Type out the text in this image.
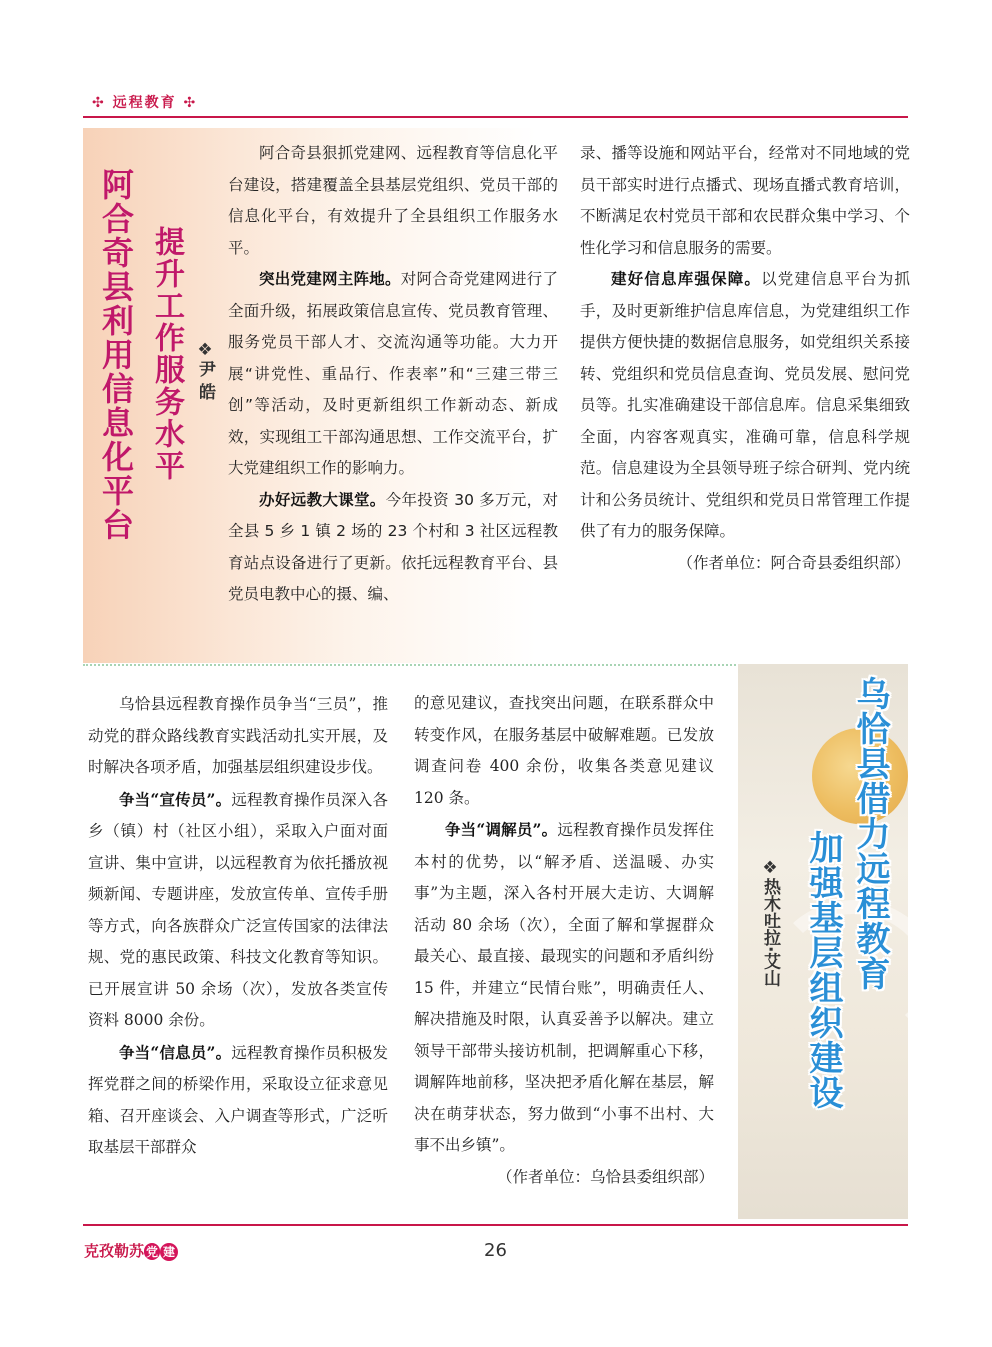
✣ 远程教育 ✣
阿合奇县利用信息化平台 提升工作服务水平 ❖尹 皓

阿合奇县狠抓党建网、远程教育等信息化平台建设，搭建覆盖全县基层党组织、党员干部的信息化平台，有效提升了全县组织工作服务水平。

突出党建网主阵地。对阿合奇党建网进行了全面升级，拓展政策信息宣传、党员教育管理、服务党员干部人才、交流沟通等功能。大力开展“讲党性、重品行、作表率”和“三建三带三创”等活动，及时更新组织工作新动态、新成效，实现组工干部沟通思想、工作交流平台，扩大党建组织工作的影响力。

办好远教大课堂。今年投资 30 多万元，对全县 5 乡 1 镇 2 场的 23 个村和 3 社区远程教育站点设备进行了更新。依托远程教育平台、县党员电教中心的摄、编、

录、播等设施和网站平台，经常对不同地域的党员干部实时进行点播式、现场直播式教育培训，不断满足农村党员干部和农民群众集中学习、个性化学习和信息服务的需要。

建好信息库强保障。以党建信息平台为抓手，及时更新维护信息库信息，为党建组织工作提供方便快捷的数据信息服务，如党组织关系接转、党组织和党员信息查询、党员发展、慰问党员等。扎实准确建设干部信息库。信息采集细致全面，内容客观真实，准确可靠，信息科学规范。信息建设为全县领导班子综合研判、党内统计和公务员统计、党组织和党员日常管理工作提供了有力的服务保障。

（作者单位：阿合奇县委组织部）

乌恰县远程教育操作员争当“三员”，推动党的群众路线教育实践活动扎实开展，及时解决各项矛盾，加强基层组织建设步伐。

争当“宣传员”。远程教育操作员深入各乡（镇）村（社区小组），采取入户面对面宣讲、集中宣讲，以远程教育为依托播放视频新闻、专题讲座，发放宣传单、宣传手册等方式，向各族群众广泛宣传国家的法律法规、党的惠民政策、科技文化教育等知识。已开展宣讲 50 余场（次），发放各类宣传资料 8000 余份。

争当“信息员”。远程教育操作员积极发挥党群之间的桥梁作用，采取设立征求意见箱、召开座谈会、入户调查等形式，广泛听取基层干部群众

的意见建议，查找突出问题，在联系群众中转变作风，在服务基层中破解难题。已发放调查问卷 400 余份，收集各类意见建议 120 条。

争当“调解员”。远程教育操作员发挥住本村的优势，以“解矛盾、送温暖、办实事”为主题，深入各村开展大走访、大调解活动 80 余场（次），全面了解和掌握群众最关心、最直接、最现实的问题和矛盾纠纷 15 件，并建立“民情台账”，明确责任人、解决措施及时限，认真妥善予以解决。建立领导干部带头接访机制，把调解重心下移，调解阵地前移，坚决把矛盾化解在基层，解决在萌芽状态，努力做到“小事不出村、大事不出乡镇”。

（作者单位：乌恰县委组织部）

乌恰县借力远程教育
加强基层组织建设
❖热木吐拉·艾山
克孜勒苏 党 建	26
